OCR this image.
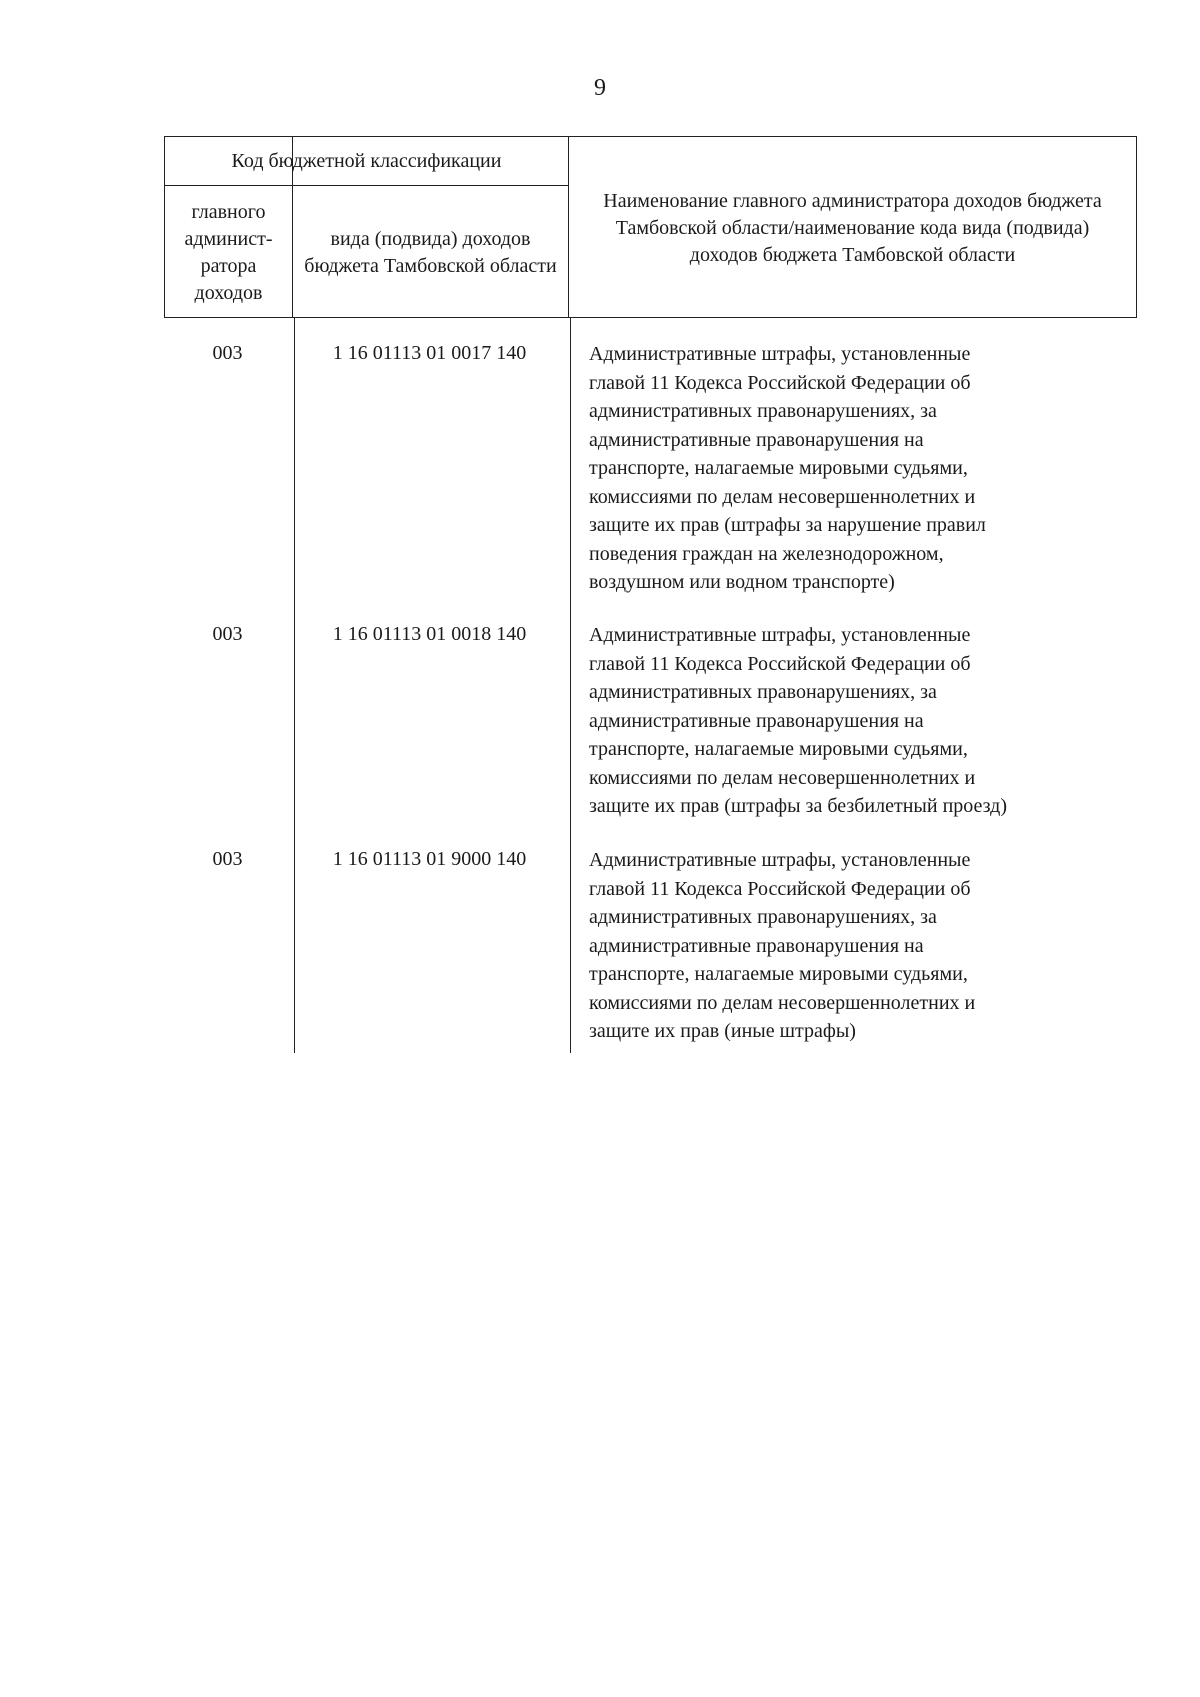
9
Код бюджетной классификации
главного админист-ратора доходов
вида (подвида) доходов бюджета Тамбовской области
Наименование главного администратора доходов бюджета Тамбовской области/наименование кода вида (подвида) доходов бюджета Тамбовской области
003	1 16 01113 01 0017 140	Административные штрафы, установленные
главой 11 Кодекса Российской Федерации об
административных правонарушениях, за
административные правонарушения на
транспорте, налагаемые мировыми судьями,
комиссиями по делам несовершеннолетних и
защите их прав (штрафы за нарушение правил
поведения граждан на железнодорожном,
воздушном или водном транспорте)
003	1 16 01113 01 0018 140	Административные штрафы, установленные
главой 11 Кодекса Российской Федерации об
административных правонарушениях, за
административные правонарушения на
транспорте, налагаемые мировыми судьями,
комиссиями по делам несовершеннолетних и
защите их прав (штрафы за безбилетный проезд)
003	1 16 01113 01 9000 140	Административные штрафы, установленные
главой 11 Кодекса Российской Федерации об
административных правонарушениях, за
административные правонарушения на
транспорте, налагаемые мировыми судьями,
комиссиями по делам несовершеннолетних и
защите их прав (иные штрафы)
